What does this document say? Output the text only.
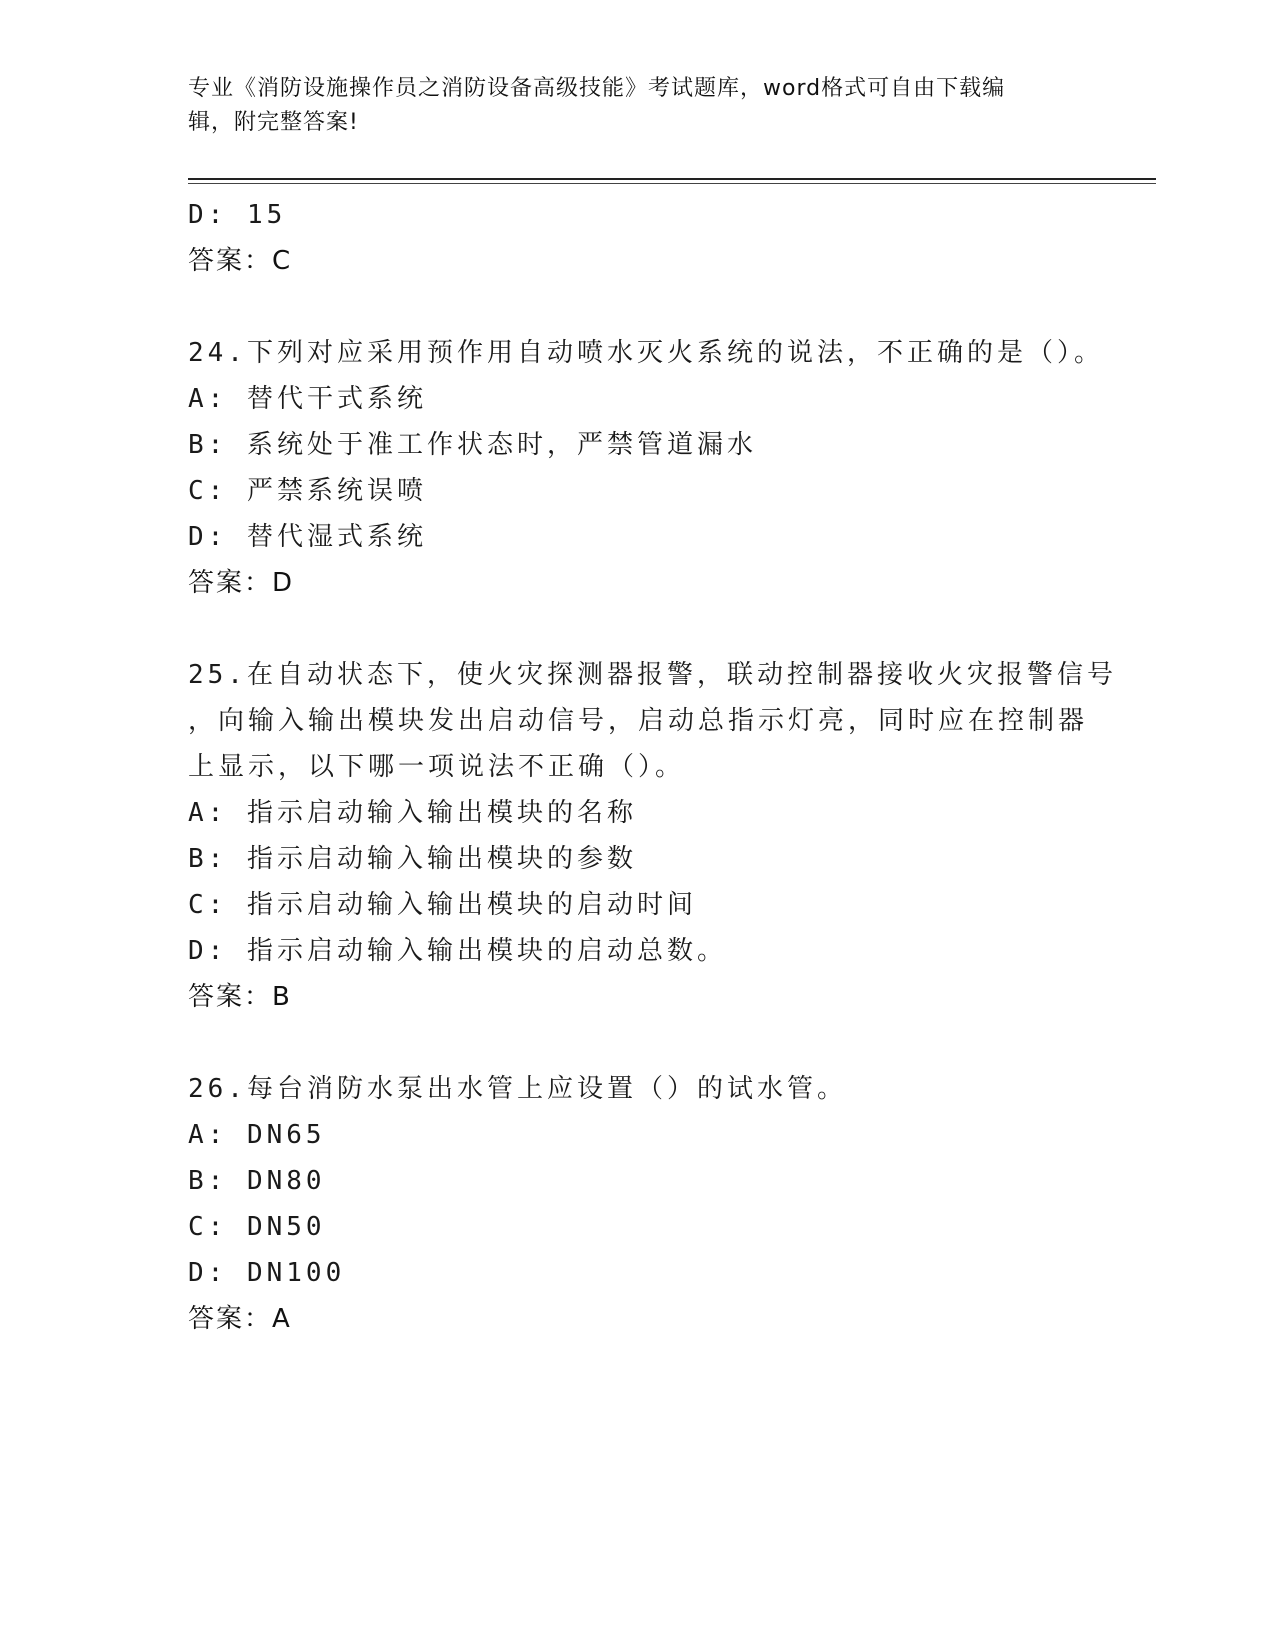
专业《消防设施操作员之消防设备高级技能》考试题库，word格式可自由下载编
辑，附完整答案!
D: 15
答案：C
24.下列对应采用预作用自动喷水灭火系统的说法，不正确的是（）。
A: 替代干式系统
B: 系统处于准工作状态时，严禁管道漏水
C: 严禁系统误喷
D: 替代湿式系统
答案：D
25.在自动状态下，使火灾探测器报警，联动控制器接收火灾报警信号
，向输入输出模块发出启动信号，启动总指示灯亮，同时应在控制器
上显示，以下哪一项说法不正确（）。
A: 指示启动输入输出模块的名称
B: 指示启动输入输出模块的参数
C: 指示启动输入输出模块的启动时间
D: 指示启动输入输出模块的启动总数。
答案：B
26.每台消防水泵出水管上应设置（）的试水管。
A: DN65
B: DN80
C: DN50
D: DN100
答案：A
